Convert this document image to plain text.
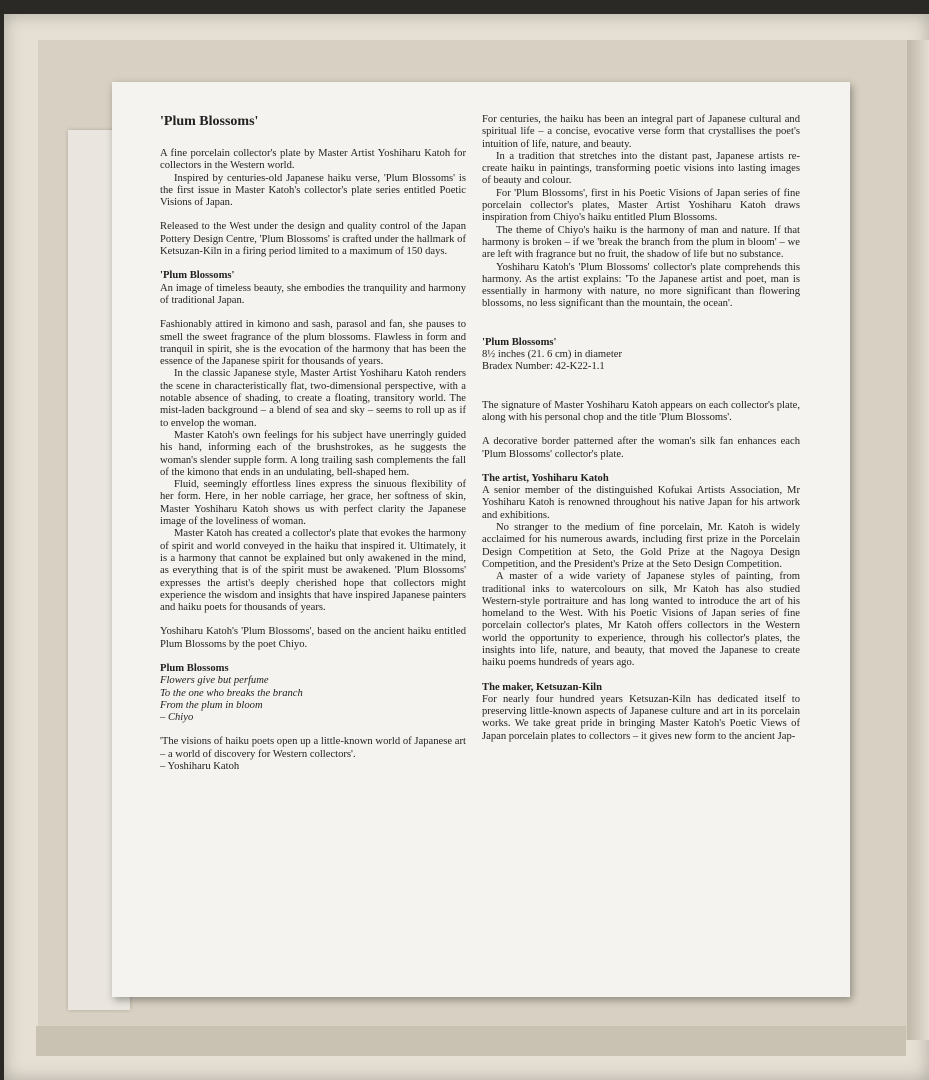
'Plum Blossoms'

A fine porcelain collector's plate by Master Artist Yoshiharu Katoh for collectors in the Western world.

Inspired by centuries-old Japanese haiku verse, 'Plum Blossoms' is the first issue in Master Katoh's collector's plate series entitled Poetic Visions of Japan.

Released to the West under the design and quality control of the Japan Pottery Design Centre, 'Plum Blossoms' is crafted under the hallmark of Ketsuzan-Kiln in a firing period limited to a maximum of 150 days.

'Plum Blossoms'

An image of timeless beauty, she embodies the tranquility and harmony of traditional Japan.

Fashionably attired in kimono and sash, parasol and fan, she pauses to smell the sweet fragrance of the plum blossoms. Flawless in form and tranquil in spirit, she is the evocation of the harmony that has been the essence of the Japanese spirit for thousands of years.

In the classic Japanese style, Master Artist Yoshiharu Katoh renders the scene in characteristically flat, two-dimensional perspective, with a notable absence of shading, to create a floating, transitory world. The mist-laden background – a blend of sea and sky – seems to roll up as if to envelop the woman.

Master Katoh's own feelings for his subject have unerringly guided his hand, informing each of the brushstrokes, as he suggests the woman's slender supple form. A long trailing sash complements the fall of the kimono that ends in an undulating, bell-shaped hem.

Fluid, seemingly effortless lines express the sinuous flexibility of her form. Here, in her noble carriage, her grace, her softness of skin, Master Yoshiharu Katoh shows us with perfect clarity the Japanese image of the loveliness of woman.

Master Katoh has created a collector's plate that evokes the harmony of spirit and world conveyed in the haiku that inspired it. Ultimately, it is a harmony that cannot be explained but only awakened in the mind, as everything that is of the spirit must be awakened. 'Plum Blossoms' expresses the artist's deeply cherished hope that collectors might experience the wisdom and insights that have inspired Japanese painters and haiku poets for thousands of years.

Yoshiharu Katoh's 'Plum Blossoms', based on the ancient haiku entitled Plum Blossoms by the poet Chiyo.

Plum Blossoms

Flowers give but perfume

To the one who breaks the branch

From the plum in bloom

– Chiyo

'The visions of haiku poets open up a little-known world of Japanese art – a world of discovery for Western collectors'.

– Yoshiharu Katoh

For centuries, the haiku has been an integral part of Japanese cultural and spiritual life – a concise, evocative verse form that crystallises the poet's intuition of life, nature, and beauty.

In a tradition that stretches into the distant past, Japanese artists re-create haiku in paintings, transforming poetic visions into lasting images of beauty and colour.

For 'Plum Blossoms', first in his Poetic Visions of Japan series of fine porcelain collector's plates, Master Artist Yoshiharu Katoh draws inspiration from Chiyo's haiku entitled Plum Blossoms.

The theme of Chiyo's haiku is the harmony of man and nature. If that harmony is broken – if we 'break the branch from the plum in bloom' – we are left with fragrance but no fruit, the shadow of life but no substance.

Yoshiharu Katoh's 'Plum Blossoms' collector's plate comprehends this harmony. As the artist explains: 'To the Japanese artist and poet, man is essentially in harmony with nature, no more significant than flowering blossoms, no less significant than the mountain, the ocean'.

'Plum Blossoms'

8½ inches (21. 6 cm) in diameter

Bradex Number: 42-K22-1.1

The signature of Master Yoshiharu Katoh appears on each collector's plate, along with his personal chop and the title 'Plum Blossoms'.

A decorative border patterned after the woman's silk fan enhances each 'Plum Blossoms' collector's plate.

The artist, Yoshiharu Katoh

A senior member of the distinguished Kofukai Artists Association, Mr Yoshiharu Katoh is renowned throughout his native Japan for his artwork and exhibitions.

No stranger to the medium of fine porcelain, Mr. Katoh is widely acclaimed for his numerous awards, including first prize in the Porcelain Design Competition at Seto, the Gold Prize at the Nagoya Design Competition, and the President's Prize at the Seto Design Competition.

A master of a wide variety of Japanese styles of painting, from traditional inks to watercolours on silk, Mr Katoh has also studied Western-style portraiture and has long wanted to introduce the art of his homeland to the West. With his Poetic Visions of Japan series of fine porcelain collector's plates, Mr Katoh offers collectors in the Western world the opportunity to experience, through his collector's plates, the insights into life, nature, and beauty, that moved the Japanese to create haiku poems hundreds of years ago.

The maker, Ketsuzan-Kiln

For nearly four hundred years Ketsuzan-Kiln has dedicated itself to preserving little-known aspects of Japanese culture and art in its porcelain works. We take great pride in bringing Master Katoh's Poetic Views of Japan porcelain plates to collectors – it gives new form to the ancient Jap-
